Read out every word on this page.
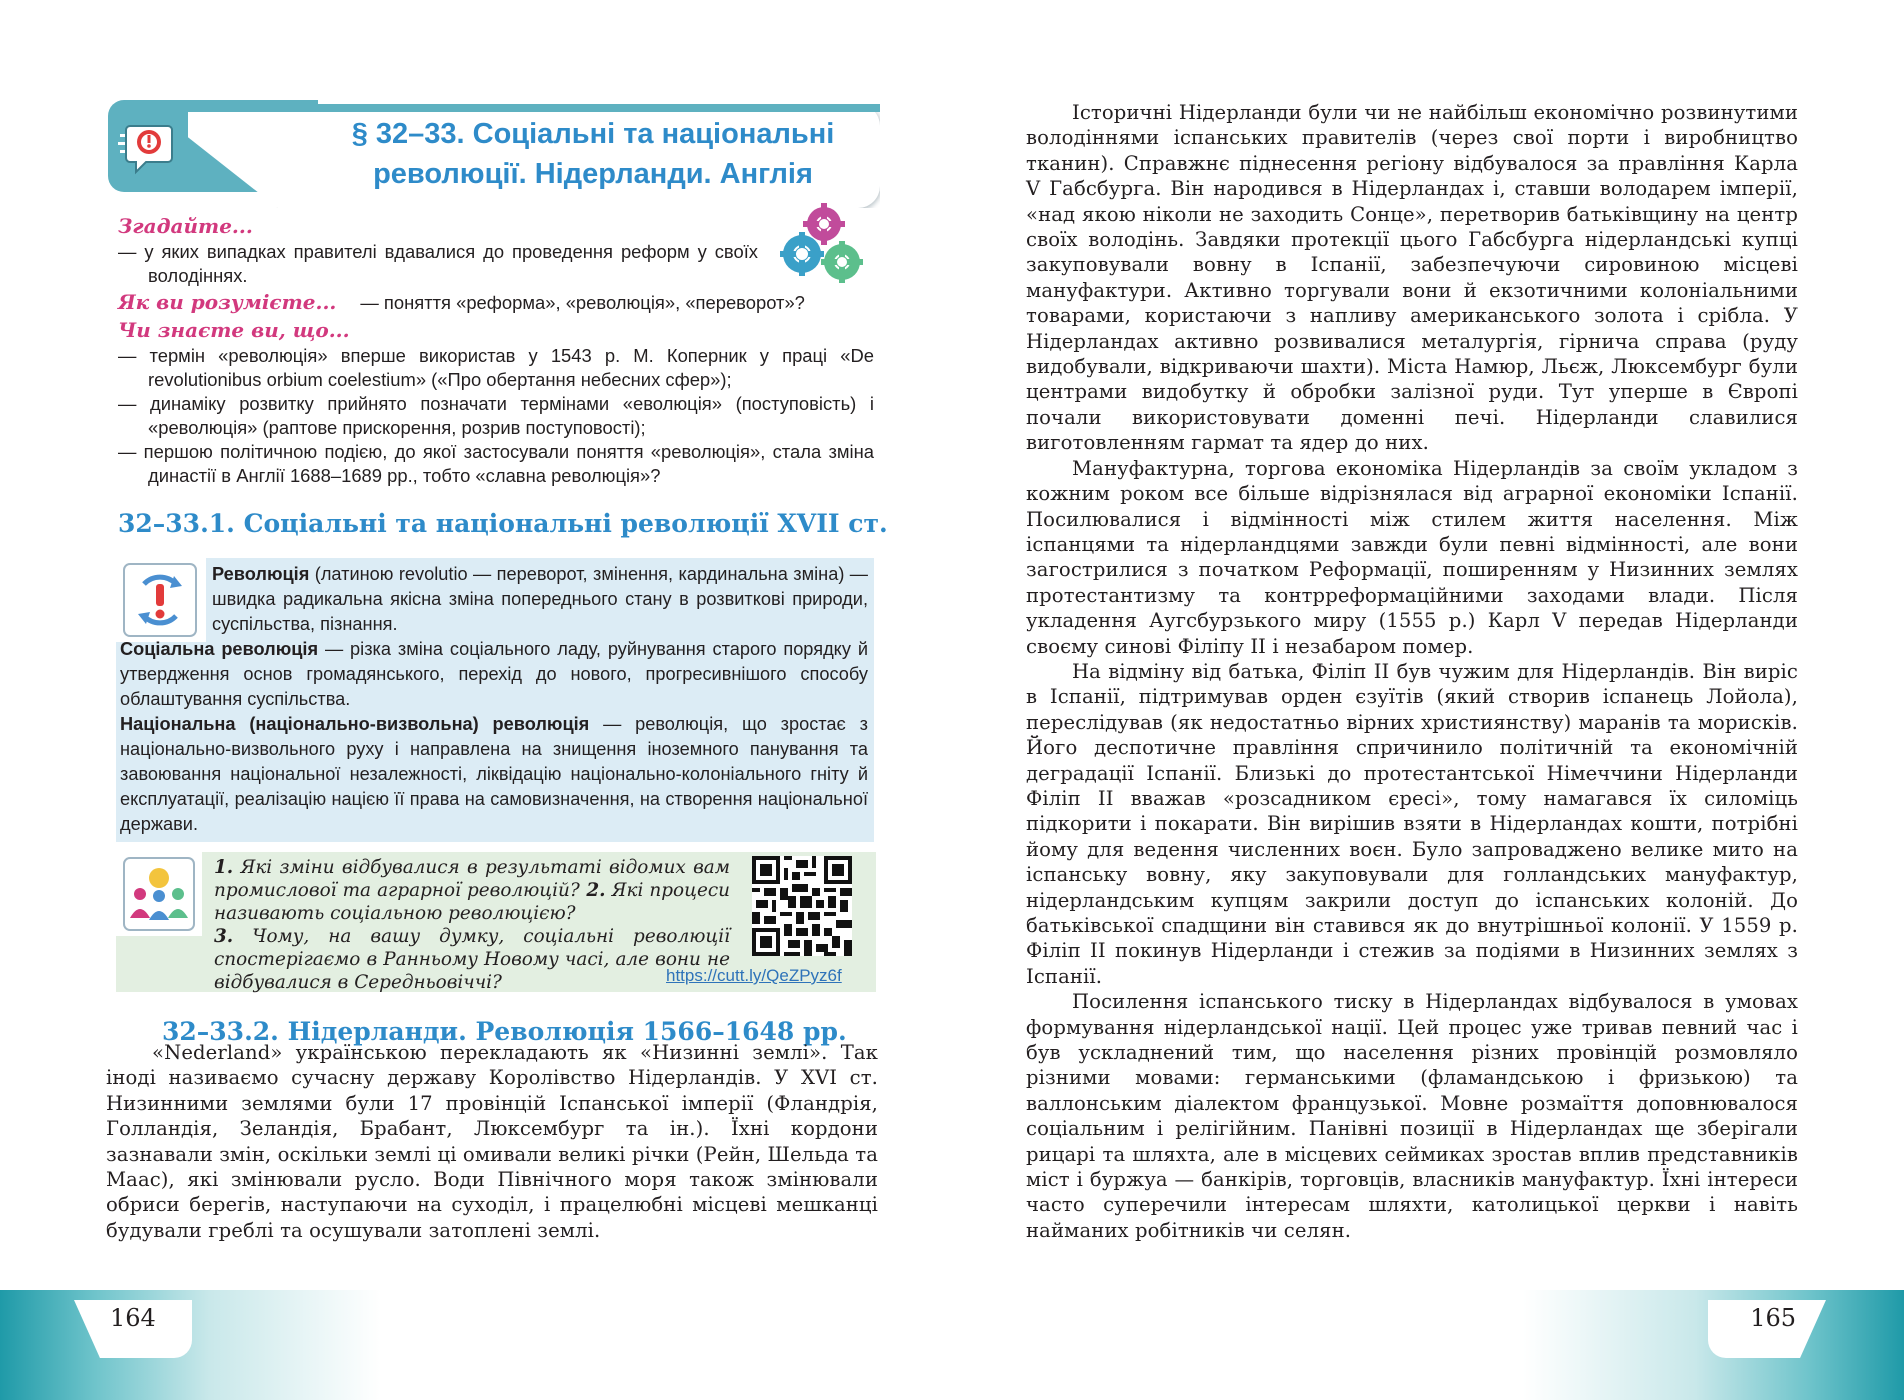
§ 32–33. Соціальні та національні
революції. Нідерланди. Англія
Згадайте...
— у яких випадках правителі вдавалися до проведення реформ у своїх володіннях.
Як ви розумієте... — поняття «реформа», «революція», «переворот»?
Чи знаєте ви, що...
— термін «революція» вперше використав у 1543 р. М. Коперник у праці «De revolutionibus orbium coelestium» («Про обертання небесних сфер»);
— динаміку розвитку прийнято позначати термінами «еволюція» (поступовість) і «революція» (раптове прискорення, розрив поступовості);
— першою політичною подією, до якої застосували поняття «революція», стала зміна династії в Англії 1688–1689 рр., тобто «славна революція»?
32–33.1. Соціальні та національні революції XVII ст.

Революція (латиною revolutio — переворот, змінення, кардинальна зміна) — швидка радикальна якісна зміна попереднього стану в розвиткові природи, суспільства, пізнання.

Соціальна революція — різка зміна соціального ладу, руйнування старого порядку й утвердження основ громадянського, перехід до нового, прогресивнішого способу облаштування суспільства.

Національна (національно-визвольна) революція — революція, що зростає з національно-визвольного руху і направлена на знищення іноземного панування та завоювання національної незалежності, ліквідацію національно-колоніального гніту й експлуатації, реалізацію нацією її права на самовизначення, на створення національної держави.

1. Які зміни відбувалися в результаті відомих вам промислової та аграрної революцій? 2. Які процеси називають соціальною революцією?
3. Чому, на вашу думку, соціальні революції спостерігаємо в Ранньому Новому часі, але вони не відбувалися в Середньовіччі?	https://cutt.ly/QeZPyz6f
32–33.2. Нідерланди. Революція 1566–1648 рр.

«Nederland» українською перекладають як «Низинні землі». Так іноді називаємо сучасну державу Королівство Нідерландів. У XVI ст. Низинними землями були 17 провінцій Іспанської імперії (Фландрія, Голландія, Зеландія, Брабант, Люксембург та ін.). Їхні кордони зазнавали змін, оскільки землі ці омивали великі річки (Рейн, Шельда та Маас), які змінювали русло. Води Північного моря також змінювали обриси берегів, наступаючи на суходіл, і працелюбні місцеві мешканці будували греблі та осушували затоплені землі.

Історичні Нідерланди були чи не найбільш економічно розвинутими володіннями іспанських правителів (через свої порти і виробництво тканин). Справжнє піднесення регіону відбувалося за правління Карла V Габсбурга. Він народився в Нідерландах і, ставши володарем імперії, «над якою ніколи не заходить Сонце», перетворив батьківщину на центр своїх володінь. Завдяки протекції цього Габсбурга нідерландські купці закуповували вовну в Іспанії, забезпечуючи сировиною місцеві мануфактури. Активно торгували вони й екзотичними колоніальними товарами, користаючи з напливу американського золота і срібла. У Нідерландах активно розвивалися металургія, гірнича справа (руду видобували, відкриваючи шахти). Міста Намюр, Льєж, Люксембург були центрами видобутку й обробки залізної руди. Тут уперше в Європі почали використовувати доменні печі. Нідерланди славилися виготовленням гармат та ядер до них.

Мануфактурна, торгова економіка Нідерландів за своїм укладом з кожним роком все більше відрізнялася від аграрної економіки Іспанії. Посилювалися і відмінності між стилем життя населення. Між іспанцями та нідерландцями завжди були певні відмінності, але вони загострилися з початком Реформації, поширенням у Низинних землях протестантизму та контрреформаційними заходами влади. Після укладення Аугсбурзького миру (1555 р.) Карл V передав Нідерланди своєму синові Філіпу II і незабаром помер.

На відміну від батька, Філіп II був чужим для Нідерландів. Він виріс в Іспанії, підтримував орден єзуїтів (який створив іспанець Лойола), переслідував (як недостатньо вірних християнству) маранів та морисків. Його деспотичне правління спричинило політичній та економічній деградації Іспанії. Близькі до протестантської Німеччини Нідерланди Філіп II вважав «розсадником єресі», тому намагався їх силоміць підкорити і покарати. Він вирішив взяти в Нідерландах кошти, потрібні йому для ведення численних воєн. Було запроваджено велике мито на іспанську вовну, яку закуповували для голландських мануфактур, нідерландським купцям закрили доступ до іспанських колоній. До батьківської спадщини він ставився як до внутрішньої колонії. У 1559 р. Філіп II покинув Нідерланди і стежив за подіями в Низинних землях з Іспанії.

Посилення іспанського тиску в Нідерландах відбувалося в умовах формування нідерландської нації. Цей процес уже тривав певний час і був ускладнений тим, що населення різних провінцій розмовляло різними мовами: германськими (фламандською і фризькою) та валлонським діалектом французької. Мовне розмаїття доповнювалося соціальним і релігійним. Панівні позиції в Нідерландах ще зберігали рицарі та шляхта, але в місцевих сеймиках зростав вплив представників міст і буржуа — банкірів, торговців, власників мануфактур. Їхні інтереси часто суперечили інтересам шляхти, католицької церкви і навіть найманих робітників чи селян.

164	165
